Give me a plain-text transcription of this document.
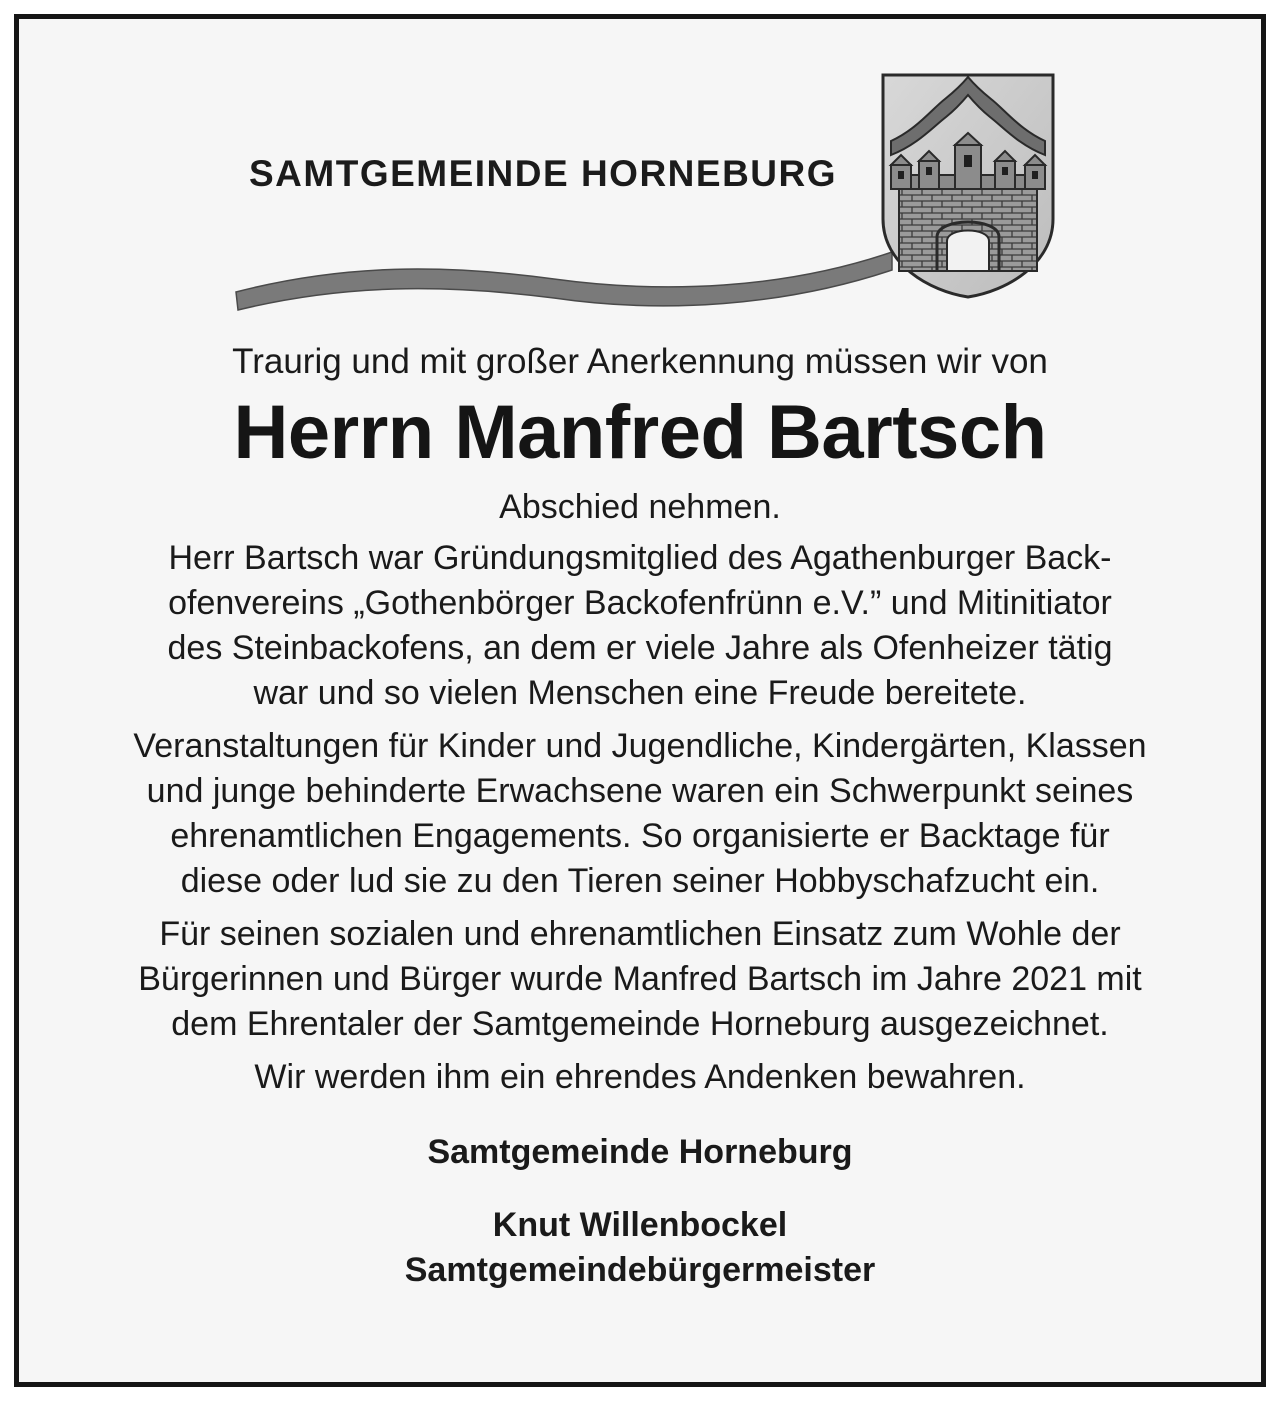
SAMTGEMEINDE HORNEBURG

Traurig und mit großer Anerkennung müssen wir von

Herrn Manfred Bartsch

Abschied nehmen.

Herr Bartsch war Gründungsmitglied des Agathenburger Back-
ofenvereins „Gothenbörger Backofenfrünn e.V.” und Mitinitiator
des Steinbackofens, an dem er viele Jahre als Ofenheizer tätig
war und so vielen Menschen eine Freude bereitete.

Veranstaltungen für Kinder und Jugendliche, Kindergärten, Klassen
und junge behinderte Erwachsene waren ein Schwerpunkt seines
ehrenamtlichen Engagements. So organisierte er Backtage für
diese oder lud sie zu den Tieren seiner Hobbyschafzucht ein.

Für seinen sozialen und ehrenamtlichen Einsatz zum Wohle der
Bürgerinnen und Bürger wurde Manfred Bartsch im Jahre 2021 mit
dem Ehrentaler der Samtgemeinde Horneburg ausgezeichnet.

Wir werden ihm ein ehrendes Andenken bewahren.

Samtgemeinde Horneburg

Knut Willenbockel

Samtgemeindebürgermeister
